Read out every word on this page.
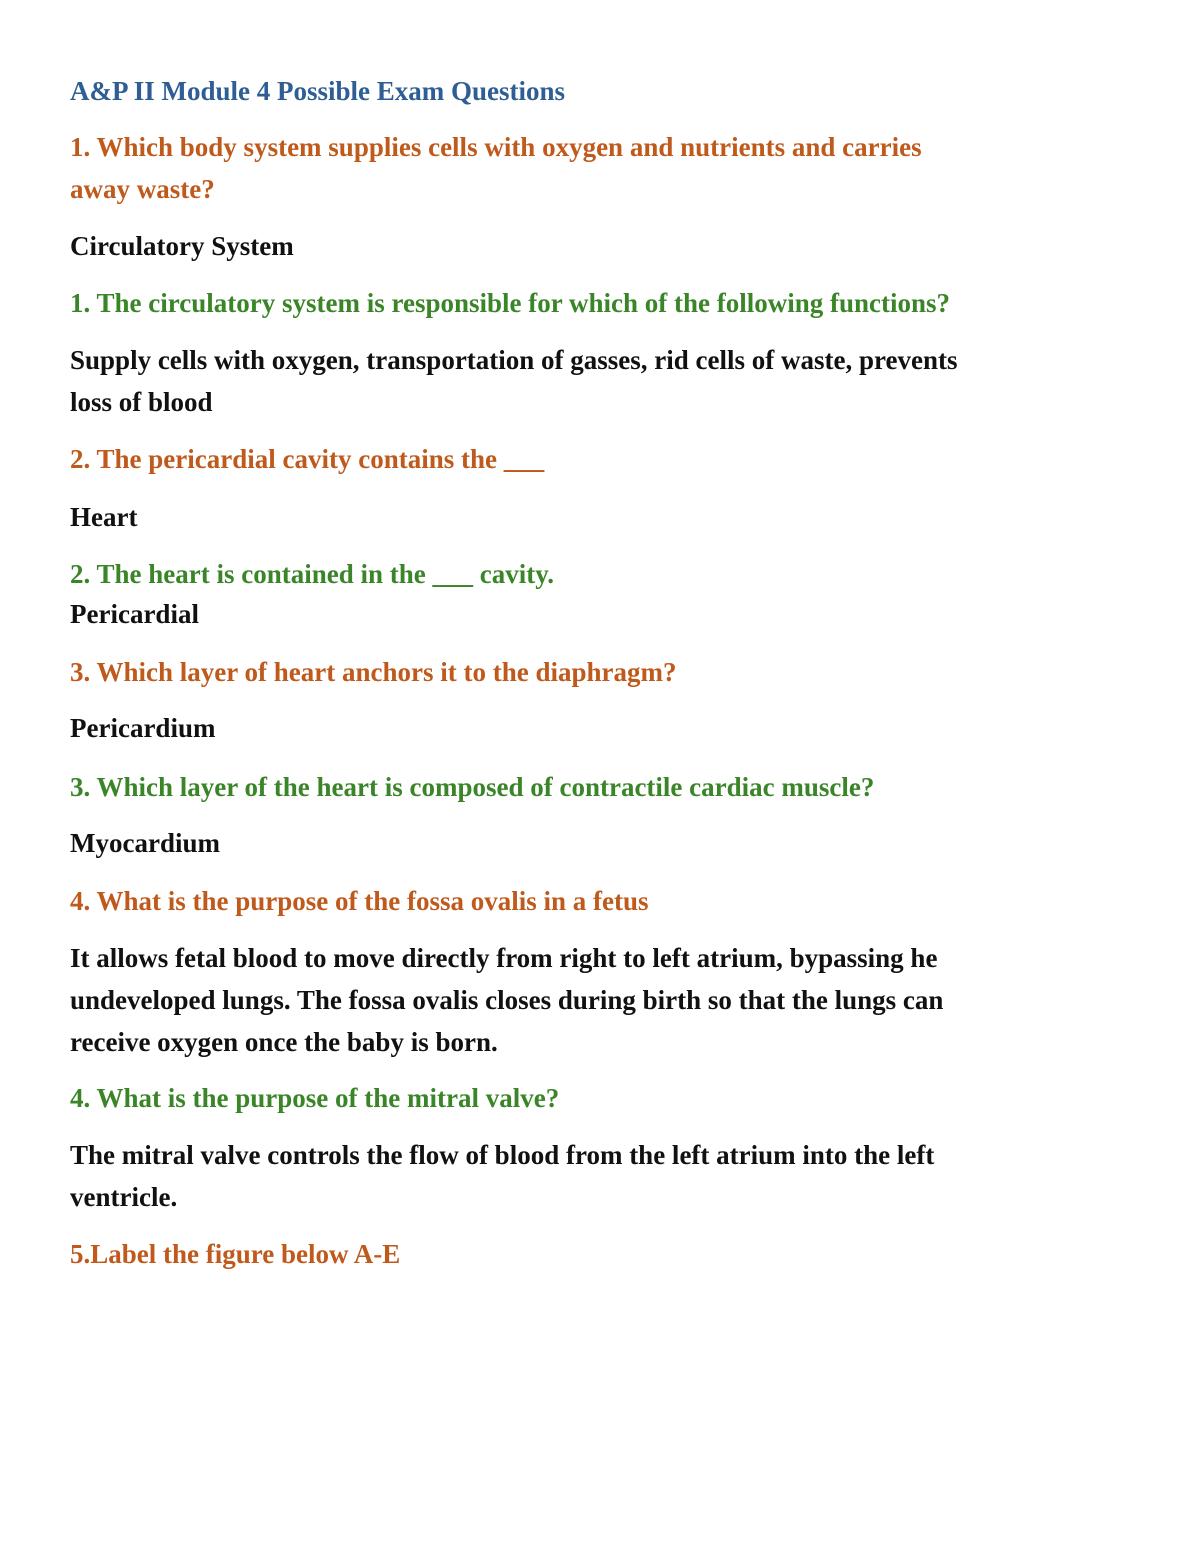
A&P II Module 4 Possible Exam Questions
1. Which body system supplies cells with oxygen and nutrients and carries
away waste?
Circulatory System
1. The circulatory system is responsible for which of the following functions?
Supply cells with oxygen, transportation of gasses, rid cells of waste, prevents
loss of blood
2. The pericardial cavity contains the ___
Heart
2. The heart is contained in the ___ cavity.
Pericardial
3. Which layer of heart anchors it to the diaphragm?
Pericardium
3. Which layer of the heart is composed of contractile cardiac muscle?
Myocardium
4. What is the purpose of the fossa ovalis in a fetus
It allows fetal blood to move directly from right to left atrium, bypassing he
undeveloped lungs. The fossa ovalis closes during birth so that the lungs can
receive oxygen once the baby is born.
4. What is the purpose of the mitral valve?
The mitral valve controls the flow of blood from the left atrium into the left
ventricle.
5.Label the figure below A-E
